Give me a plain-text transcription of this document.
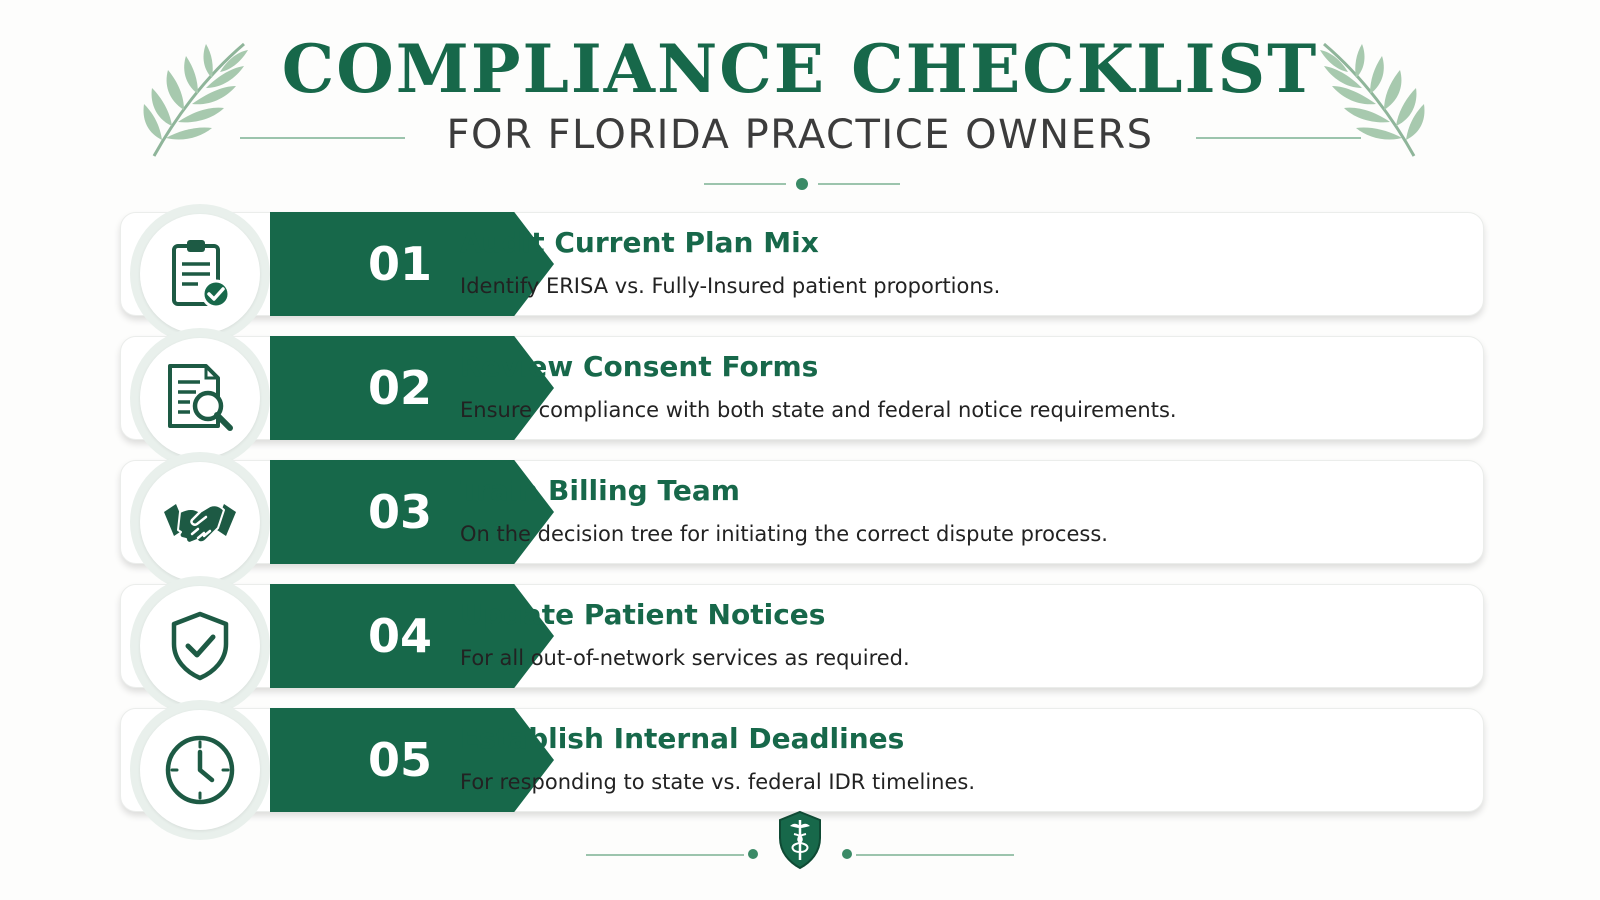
COMPLIANCE CHECKLIST
FOR FLORIDA PRACTICE OWNERS
01	Audit Current Plan Mix

Identify ERISA vs. Fully-Insured patient proportions.

02	Review Consent Forms

Ensure compliance with both state and federal notice requirements.

03	Train Billing Team

On the decision tree for initiating the correct dispute process.

04	Update Patient Notices

For all out-of-network services as required.

05	Establish Internal Deadlines

For responding to state vs. federal IDR timelines.
